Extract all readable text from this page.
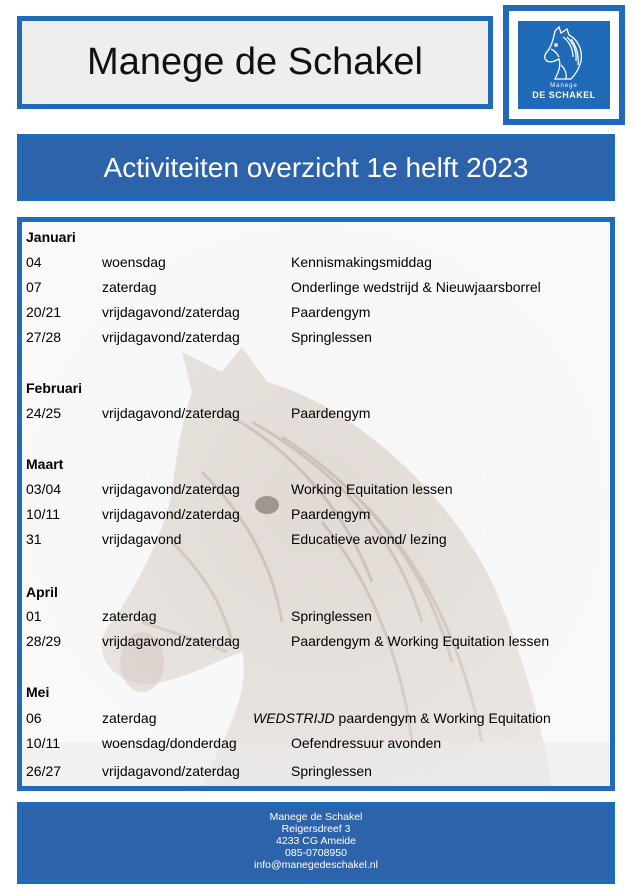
Manege de Schakel
Manege
DE SCHAKEL
Activiteiten overzicht 1e helft 2023
Januari
04	woensdag	Kennismakingsmiddag
07	zaterdag	Onderlinge wedstrijd & Nieuwjaarsborrel
20/21	vrijdagavond/zaterdag	Paardengym
27/28	vrijdagavond/zaterdag	Springlessen
Februari
24/25	vrijdagavond/zaterdag	Paardengym
Maart
03/04	vrijdagavond/zaterdag	Working Equitation lessen
10/11	vrijdagavond/zaterdag	Paardengym
31	vrijdagavond	Educatieve avond/ lezing
April
01	zaterdag	Springlessen
28/29	vrijdagavond/zaterdag	Paardengym & Working Equitation lessen
Mei
06	zaterdag	WEDSTRIJD paardengym & Working Equitation
10/11	woensdag/donderdag	Oefendressuur avonden
26/27	vrijdagavond/zaterdag	Springlessen
Manege de Schakel
Reigersdreef 3
4233 CG Ameide
085-0708950
info@manegedeschakel.nl
